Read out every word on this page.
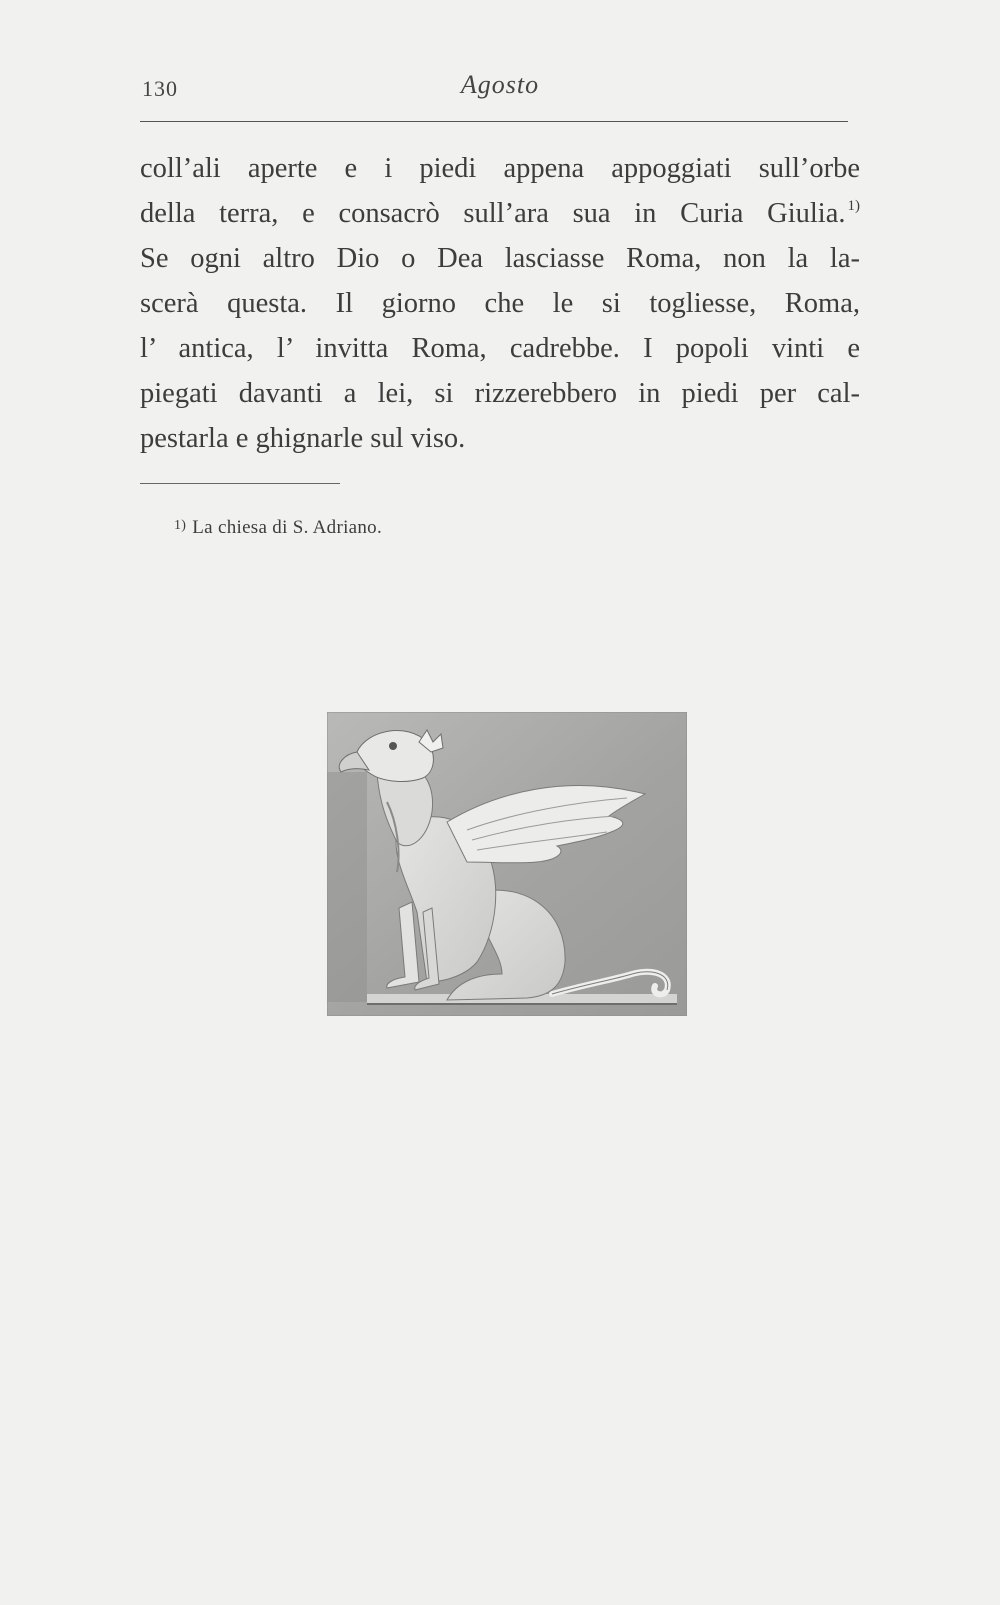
130	Agosto
coll’ali aperte e i piedi appena appoggiati sull’orbe
della terra, e consacrò sull’ara sua in Curia Giulia. $^{1)}$
Se ogni altro Dio o Dea lasciasse Roma, non la la-
scerà questa. Il giorno che le si togliesse, Roma,
l’ antica, l’ invitta Roma, cadrebbe. I popoli vinti e
piegati davanti a lei, si rizzerebbero in piedi per cal-
pestarla e ghignarle sul viso.
$^{1)}$ La chiesa di S. Adriano.
